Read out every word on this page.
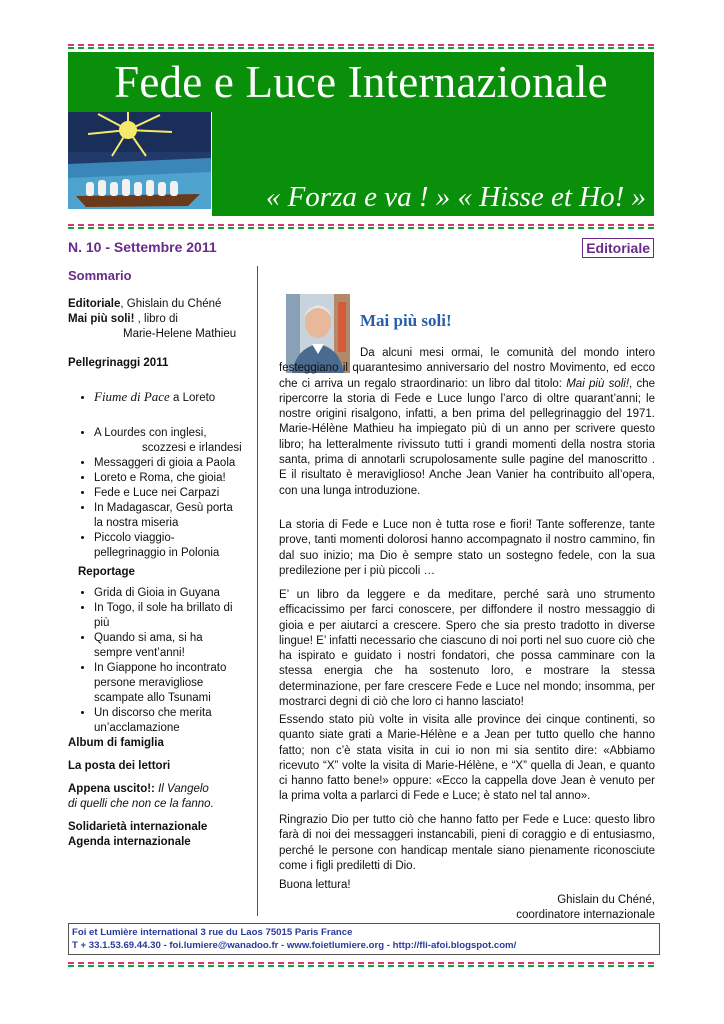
Fede e Luce Internazionale
« Forza e va ! » « Hisse et Ho! »
N. 10 - Settembre 2011	Editoriale
Sommario

Editoriale, Ghislain du Chéné

Mai più soli! , libro di

Marie-Helene Mathieu

Pellegrinaggi 2011

• Fiume di Pace a Loreto
• A Lourdes con inglesi,
scozzesi e irlandesi
• Messaggeri di gioia a Paola
• Loreto e Roma, che gioia!
• Fede e Luce nei Carpazi
• In Madagascar, Gesù porta
la nostra miseria
• Piccolo viaggio-
pellegrinaggio in Polonia

Reportage

• Grida di Gioia in Guyana
• In Togo, il sole ha brillato di
più
• Quando si ama, si ha
sempre vent’anni!
• In Giappone ho incontrato
persone meravigliose
scampate allo Tsunami
• Un discorso che merita
un’acclamazione

Album di famiglia

La posta dei lettori

Appena uscito!: Il Vangelo

di quelli che non ce la fanno.

Solidarietà internazionale

Agenda internazionale

Mai più soli!

Da alcuni mesi ormai, le comunità del mondo intero festeggiano il quarantesimo anniversario del nostro Movimento, ed ecco che ci arriva un regalo straordinario: un libro dal titolo: Mai più soli!, che ripercorre la storia di Fede e Luce lungo l’arco di oltre quarant’anni; le nostre origini risalgono, infatti, a ben prima del pellegrinaggio del 1971. Marie-Hélène Mathieu ha impiegato più di un anno per scrivere questo libro; ha letteralmente rivissuto tutti i grandi momenti della nostra storia santa, prima di annotarli scrupolosamente sulle pagine del manoscritto . E il risultato è meraviglioso! Anche Jean Vanier ha contribuito all’opera, con una lunga introduzione.

La storia di Fede e Luce non è tutta rose e fiori! Tante sofferenze, tante prove, tanti momenti dolorosi hanno accompagnato il nostro cammino, fin dal suo inizio; ma Dio è sempre stato un sostegno fedele, con la sua predilezione per i più piccoli …
E’ un libro da leggere e da meditare, perché sarà uno strumento efficacissimo per farci conoscere, per diffondere il nostro messaggio di gioia e per aiutarci a crescere. Spero che sia presto tradotto in diverse lingue! E’ infatti necessario che ciascuno di noi porti nel suo cuore ciò che ha ispirato e guidato i nostri fondatori, che possa camminare con la stessa energia che ha sostenuto loro, e mostrare la stessa determinazione, per fare crescere Fede e Luce nel mondo; insomma, per mostrarci degni di ciò che loro ci hanno lasciato!
Essendo stato più volte in visita alle province dei cinque continenti, so quanto siate grati a Marie-Hélène e a Jean per tutto quello che hanno fatto; non c’è stata visita in cui io non mi sia sentito dire: «Abbiamo ricevuto “X” volte la visita di Marie-Hélène, e “X” quella di Jean, e quanto ci hanno fatto bene!» oppure: «Ecco la cappella dove Jean è venuto per la prima volta a parlarci di Fede e Luce; è stato nel tal anno».
Ringrazio Dio per tutto ciò che hanno fatto per Fede e Luce: questo libro farà di noi dei messaggeri instancabili, pieni di coraggio e di entusiasmo, perché le persone con handicap mentale siano pienamente riconosciute come i figli prediletti di Dio.
Buona lettura!
Ghislain du Chéné,
coordinatore internazionale
Foi et Lumière international 3 rue du Laos 75015 Paris France
T + 33.1.53.69.44.30 - foi.lumiere@wanadoo.fr - www.foietlumiere.org - http://fli-afoi.blogspot.com/
